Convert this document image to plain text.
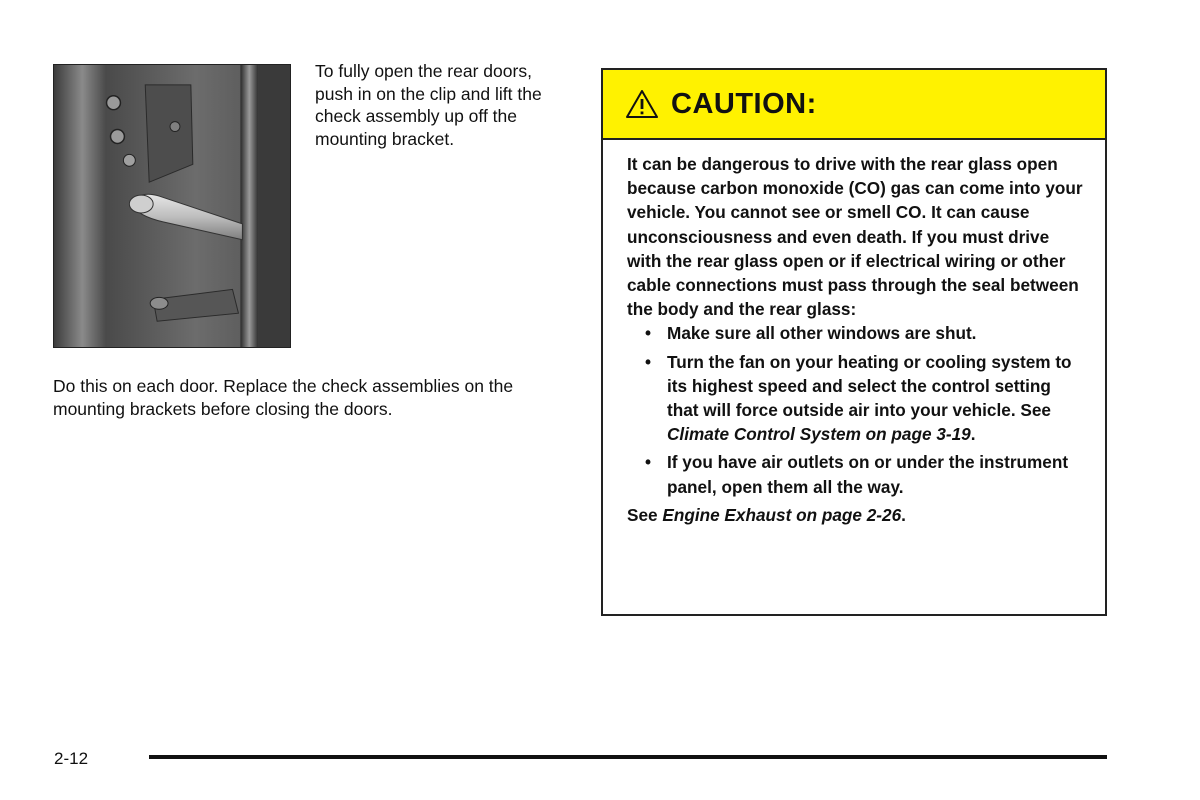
To fully open the rear doors, push in on the clip and lift the check assembly up off the mounting bracket.

Do this on each door. Replace the check assemblies on the mounting brackets before closing the doors.

CAUTION:

It can be dangerous to drive with the rear glass open because carbon monoxide (CO) gas can come into your vehicle. You cannot see or smell CO. It can cause unconsciousness and even death. If you must drive with the rear glass open or if electrical wiring or other cable connections must pass through the seal between the body and the rear glass:

• Make sure all other windows are shut.
• Turn the fan on your heating or cooling system to its highest speed and select the control setting that will force outside air into your vehicle. See Climate Control System on page 3-19.
• If you have air outlets on or under the instrument panel, open them all the way.

See Engine Exhaust on page 2-26.

2-12
